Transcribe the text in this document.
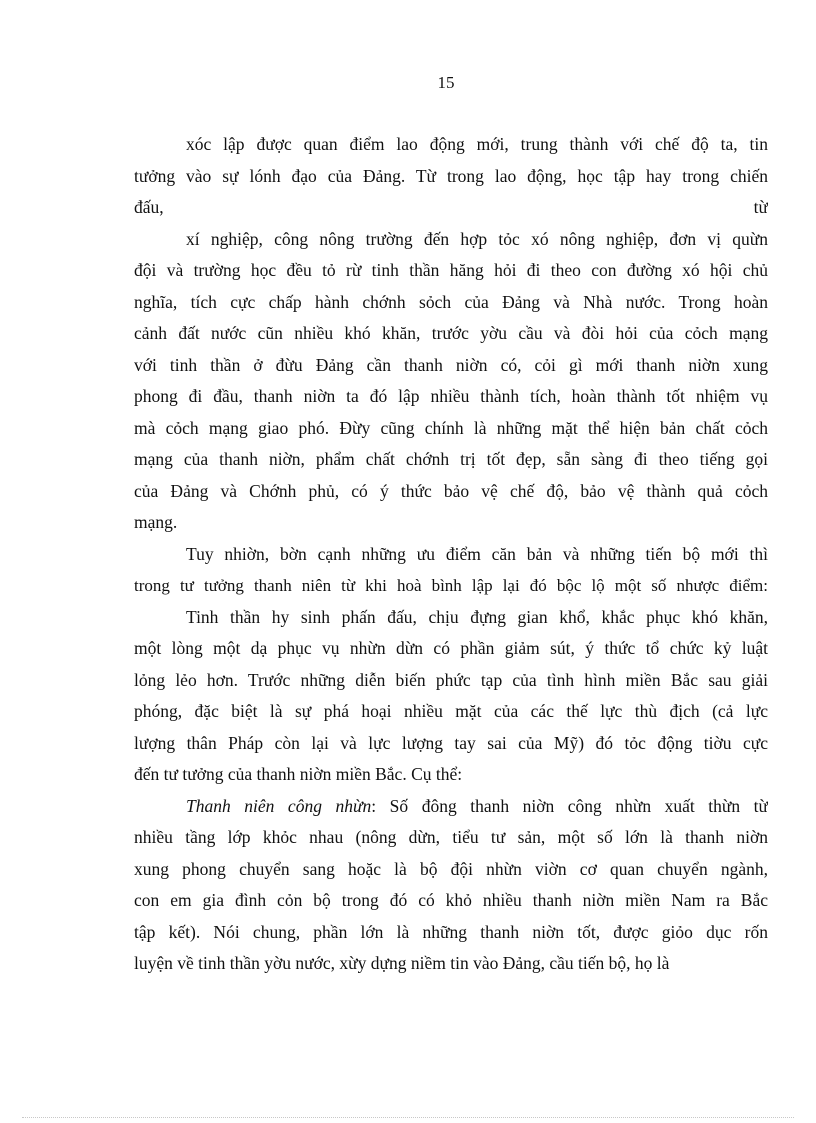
15
xóc lập được quan điểm lao động mới, trung thành với chế độ ta, tin
tưởng vào sự lónh đạo của Đảng. Từ trong lao động, học tập hay trong chiến
đấu,                                                                                                  từ
xí nghiệp, công nông trường đến hợp tỏc xó nông nghiệp, đơn vị quừn
đội và trường học đều tỏ rừ tinh thần hăng hỏi đi theo con đường xó hội chủ
nghĩa, tích cực chấp hành chớnh sỏch của Đảng và Nhà nước. Trong hoàn
cảnh đất nước cũn nhiều khó khăn, trước yờu cầu và đòi hỏi của cỏch mạng
với tinh thần ở đừu Đảng cần thanh niờn có, cỏi gì mới thanh niờn xung
phong đi đầu, thanh niờn ta đó lập nhiều thành tích, hoàn thành tốt nhiệm vụ
mà cỏch mạng giao phó. Đừy cũng chính là những mặt thể hiện bản chất cỏch
mạng của thanh niờn, phẩm chất chớnh trị tốt đẹp, sẵn sàng đi theo tiếng gọi
của Đảng và Chớnh phủ, có ý thức bảo vệ chế độ, bảo vệ thành quả cỏch
mạng.
Tuy nhiờn, bờn cạnh những ưu điểm căn bản và những tiến bộ mới thì
trong tư tưởng thanh niên từ khi hoà bình lập lại đó bộc lộ một số nhược điểm:
Tinh thần hy sinh phấn đấu, chịu đựng gian khổ, khắc phục khó khăn,
một lòng một dạ phục vụ nhừn dừn có phần giảm sút, ý thức tổ chức kỷ luật
lỏng lẻo hơn. Trước những diễn biến phức tạp của tình hình miền Bắc sau giải
phóng, đặc biệt là sự phá hoại nhiều mặt của các thế lực thù địch (cả lực
lượng thân Pháp còn lại và lực lượng tay sai của Mỹ) đó tỏc động tiờu cực
đến tư tưởng của thanh niờn miền Bắc. Cụ thể:
Thanh niên công nhừn: Số đông thanh niờn công nhừn xuất thừn từ
nhiều tầng lớp khỏc nhau (nông dừn, tiểu tư sản, một số lớn là thanh niờn
xung phong chuyển sang hoặc là bộ đội nhừn viờn cơ quan chuyển ngành,
con em gia đình cỏn bộ trong đó có khỏ nhiều thanh niờn miền Nam ra Bắc
tập kết). Nói chung, phần lớn là những thanh niờn tốt, được giỏo dục rốn
luyện về tinh thần yờu nước, xừy dựng niềm tin vào Đảng, cầu tiến bộ, họ là
